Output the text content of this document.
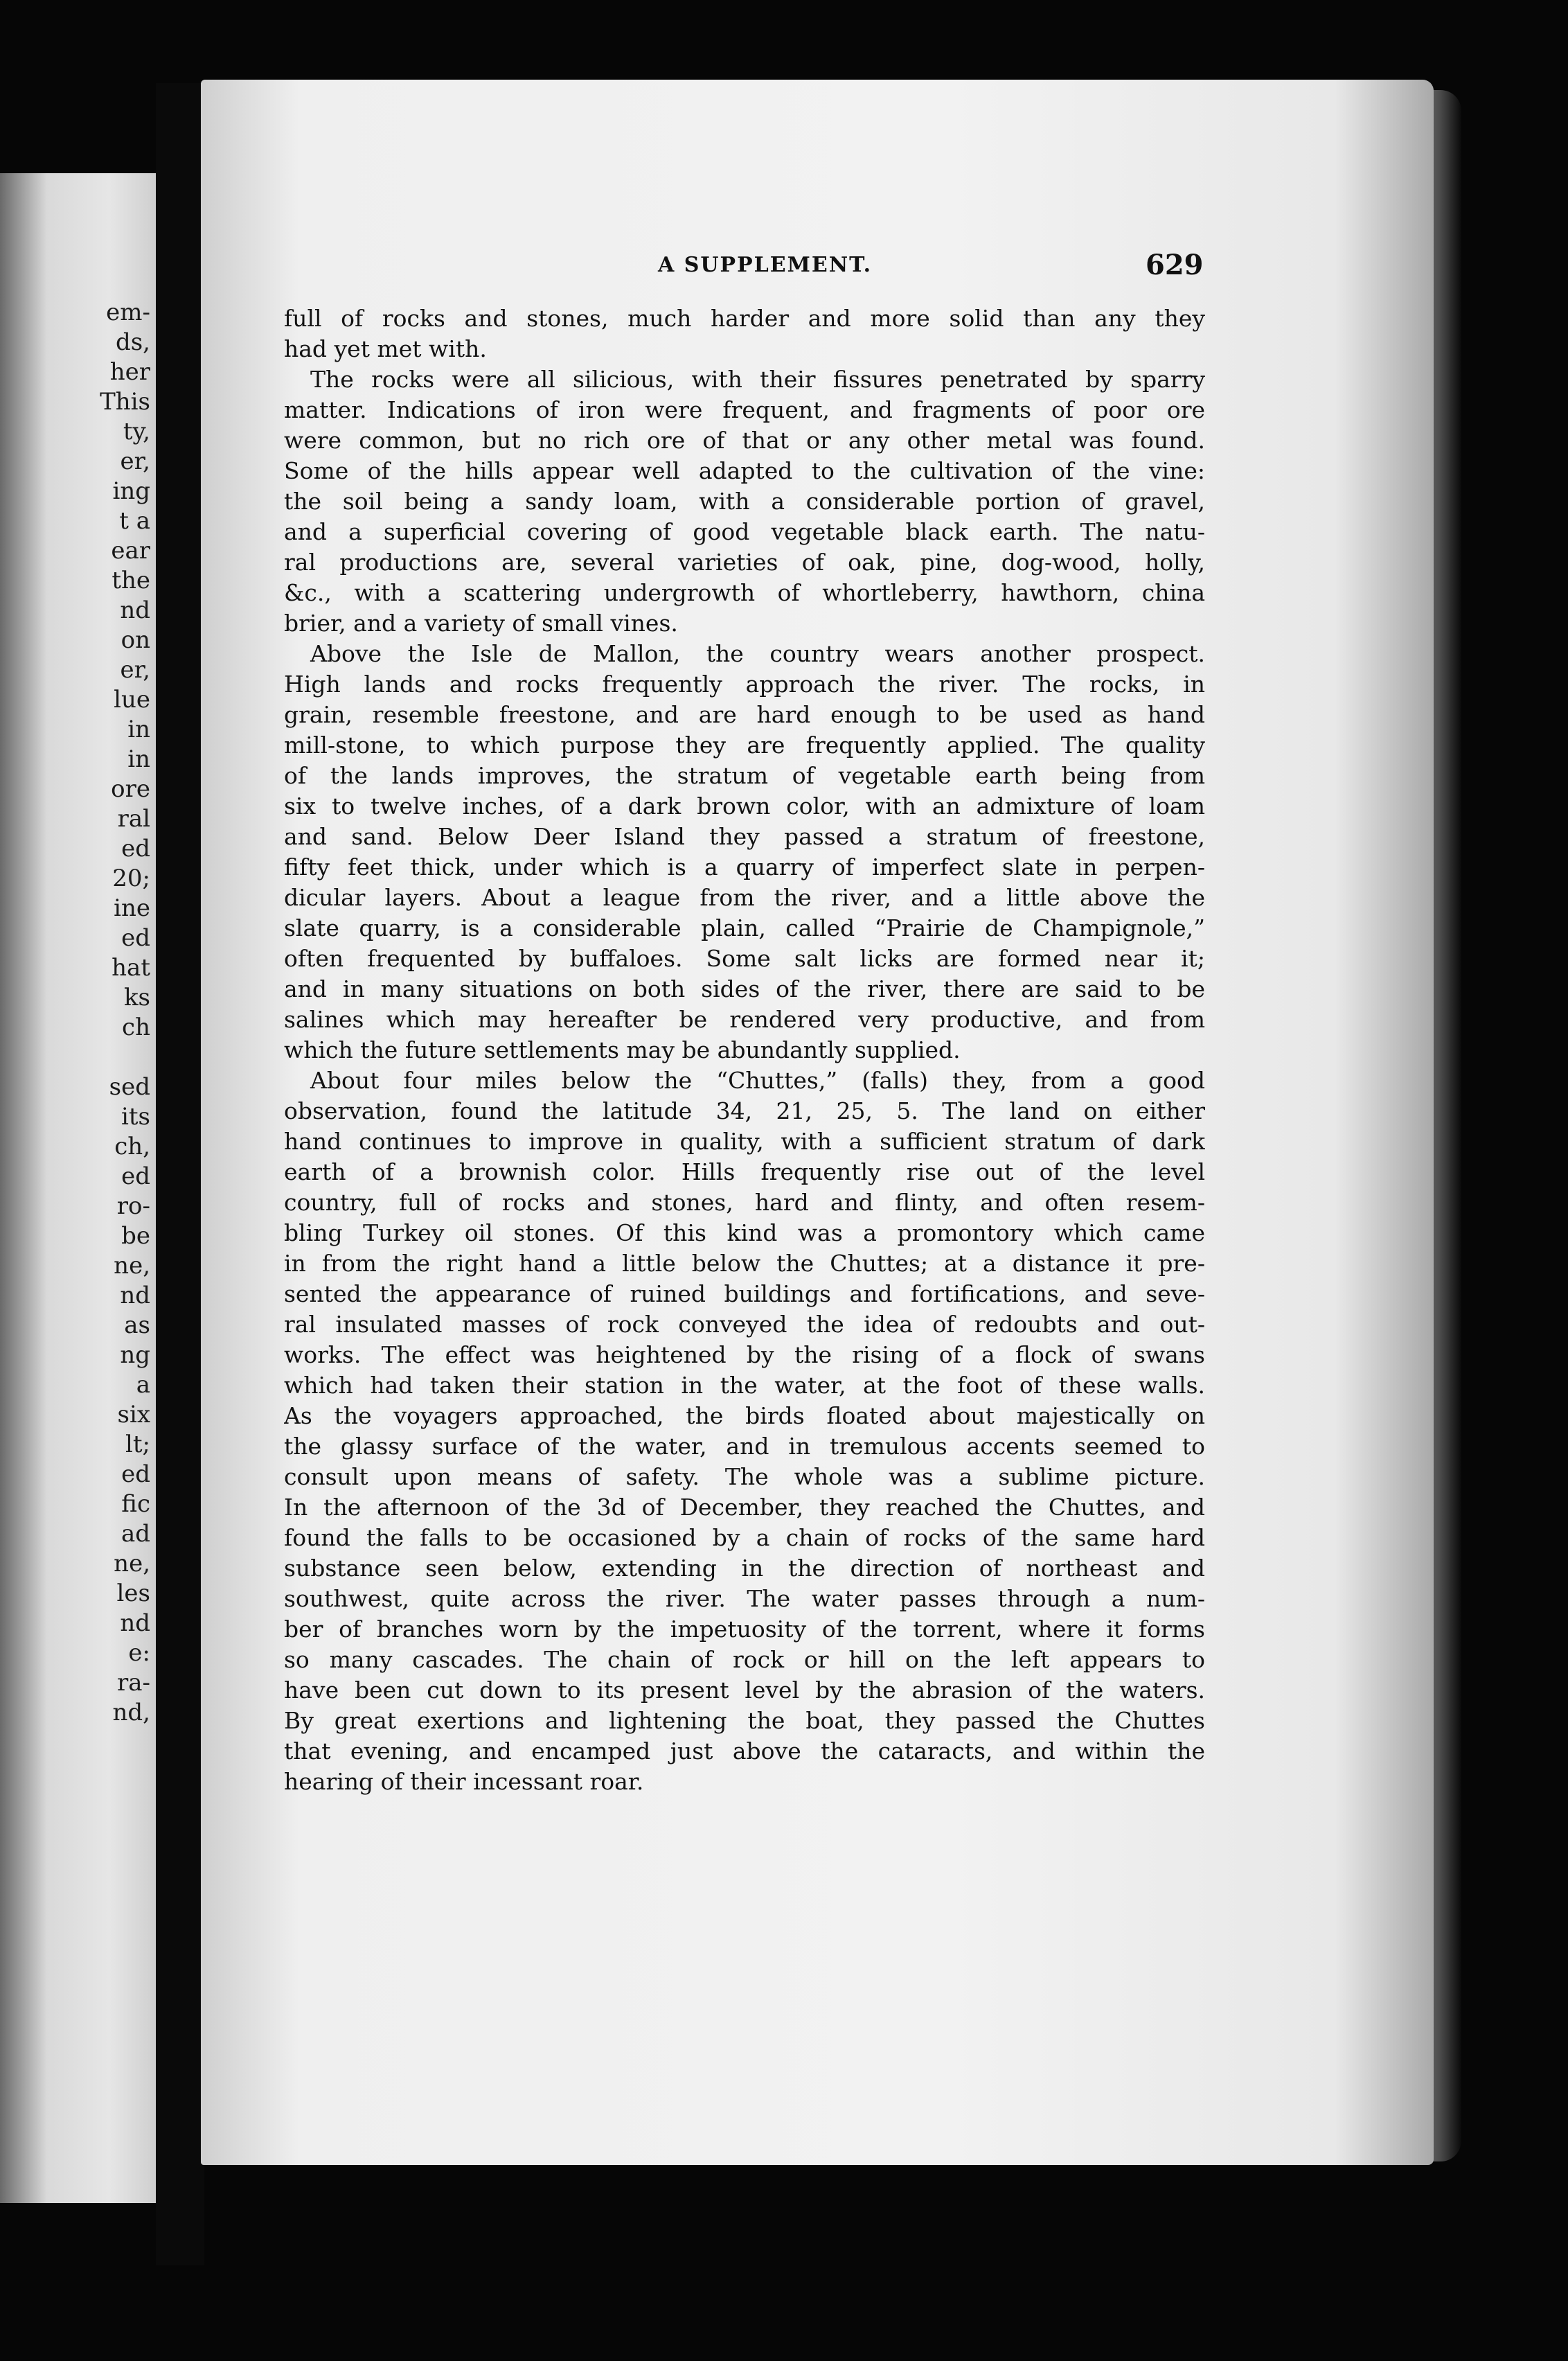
em-
ds,
her
This
ty,
er,
ing
t a
ear
the
nd
on
er,
lue
in
in
ore
ral
ed
20;
ine
ed
hat
ks
ch
sed
its
ch,
ed
ro-
be
ne,
nd
as
ng
a
six
lt;
ed
fic
ad
ne,
les
nd
e:
ra-
nd,
A SUPPLEMENT.	629
full of rocks and stones, much harder and more solid than any they
had yet met with.
The rocks were all silicious, with their fissures penetrated by sparry
matter. Indications of iron were frequent, and fragments of poor ore
were common, but no rich ore of that or any other metal was found.
Some of the hills appear well adapted to the cultivation of the vine:
the soil being a sandy loam, with a considerable portion of gravel,
and a superficial covering of good vegetable black earth. The natu-
ral productions are, several varieties of oak, pine, dog-wood, holly,
&c., with a scattering undergrowth of whortleberry, hawthorn, china
brier, and a variety of small vines.
Above the Isle de Mallon, the country wears another prospect.
High lands and rocks frequently approach the river. The rocks, in
grain, resemble freestone, and are hard enough to be used as hand
mill-stone, to which purpose they are frequently applied. The quality
of the lands improves, the stratum of vegetable earth being from
six to twelve inches, of a dark brown color, with an admixture of loam
and sand. Below Deer Island they passed a stratum of freestone,
fifty feet thick, under which is a quarry of imperfect slate in perpen-
dicular layers. About a league from the river, and a little above the
slate quarry, is a considerable plain, called “Prairie de Champignole,”
often frequented by buffaloes. Some salt licks are formed near it;
and in many situations on both sides of the river, there are said to be
salines which may hereafter be rendered very productive, and from
which the future settlements may be abundantly supplied.
About four miles below the “Chuttes,” (falls) they, from a good
observation, found the latitude 34, 21, 25, 5. The land on either
hand continues to improve in quality, with a sufficient stratum of dark
earth of a brownish color. Hills frequently rise out of the level
country, full of rocks and stones, hard and flinty, and often resem-
bling Turkey oil stones. Of this kind was a promontory which came
in from the right hand a little below the Chuttes; at a distance it pre-
sented the appearance of ruined buildings and fortifications, and seve-
ral insulated masses of rock conveyed the idea of redoubts and out-
works. The effect was heightened by the rising of a flock of swans
which had taken their station in the water, at the foot of these walls.
As the voyagers approached, the birds floated about majestically on
the glassy surface of the water, and in tremulous accents seemed to
consult upon means of safety. The whole was a sublime picture.
In the afternoon of the 3d of December, they reached the Chuttes, and
found the falls to be occasioned by a chain of rocks of the same hard
substance seen below, extending in the direction of northeast and
southwest, quite across the river. The water passes through a num-
ber of branches worn by the impetuosity of the torrent, where it forms
so many cascades. The chain of rock or hill on the left appears to
have been cut down to its present level by the abrasion of the waters.
By great exertions and lightening the boat, they passed the Chuttes
that evening, and encamped just above the cataracts, and within the
hearing of their incessant roar.
